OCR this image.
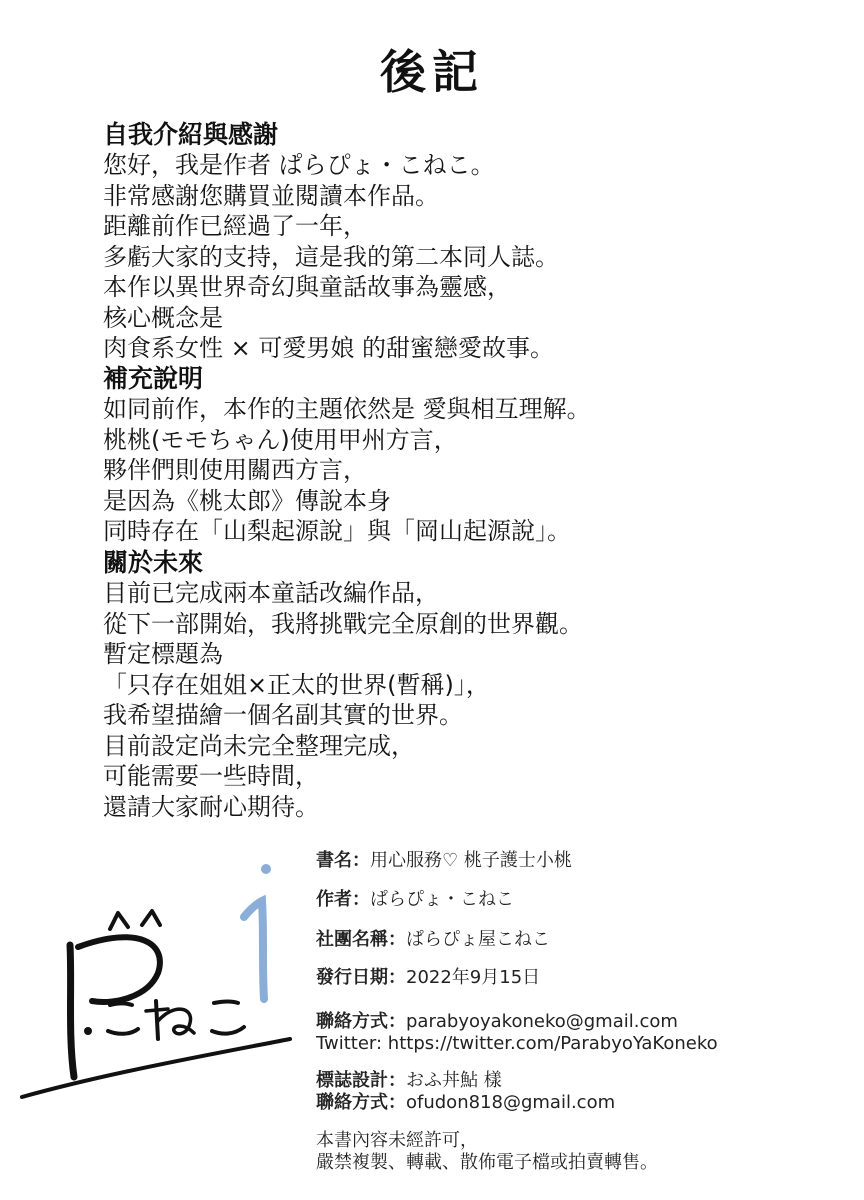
後記
自我介紹與感謝
您好，我是作者 ぱらぴょ・こねこ。
非常感謝您購買並閱讀本作品。
距離前作已經過了一年，
多虧大家的支持，這是我的第二本同人誌。
本作以異世界奇幻與童話故事為靈感，
核心概念是
肉食系女性 × 可愛男娘 的甜蜜戀愛故事。
補充說明
如同前作，本作的主題依然是 愛與相互理解。
桃桃(モモちゃん)使用甲州方言，
夥伴們則使用關西方言，
是因為《桃太郎》傳說本身
同時存在「山梨起源說」與「岡山起源說」。
關於未來
目前已完成兩本童話改編作品，
從下一部開始，我將挑戰完全原創的世界觀。
暫定標題為
「只存在姐姐×正太的世界(暫稱)」，
我希望描繪一個名副其實的世界。
目前設定尚未完全整理完成，
可能需要一些時間，
還請大家耐心期待。
書名：用心服務♡ 桃子護士小桃
作者：ぱらぴょ・こねこ
社團名稱：ぱらぴょ屋こねこ
發行日期：2022年9月15日
聯絡方式：parabyoyakoneko@gmail.com
Twitter: https://twitter.com/ParabyoYaKoneko
標誌設計：おふ丼鮎 樣
聯絡方式：ofudon818@gmail.com
本書內容未經許可，
嚴禁複製、轉載、散佈電子檔或拍賣轉售。
